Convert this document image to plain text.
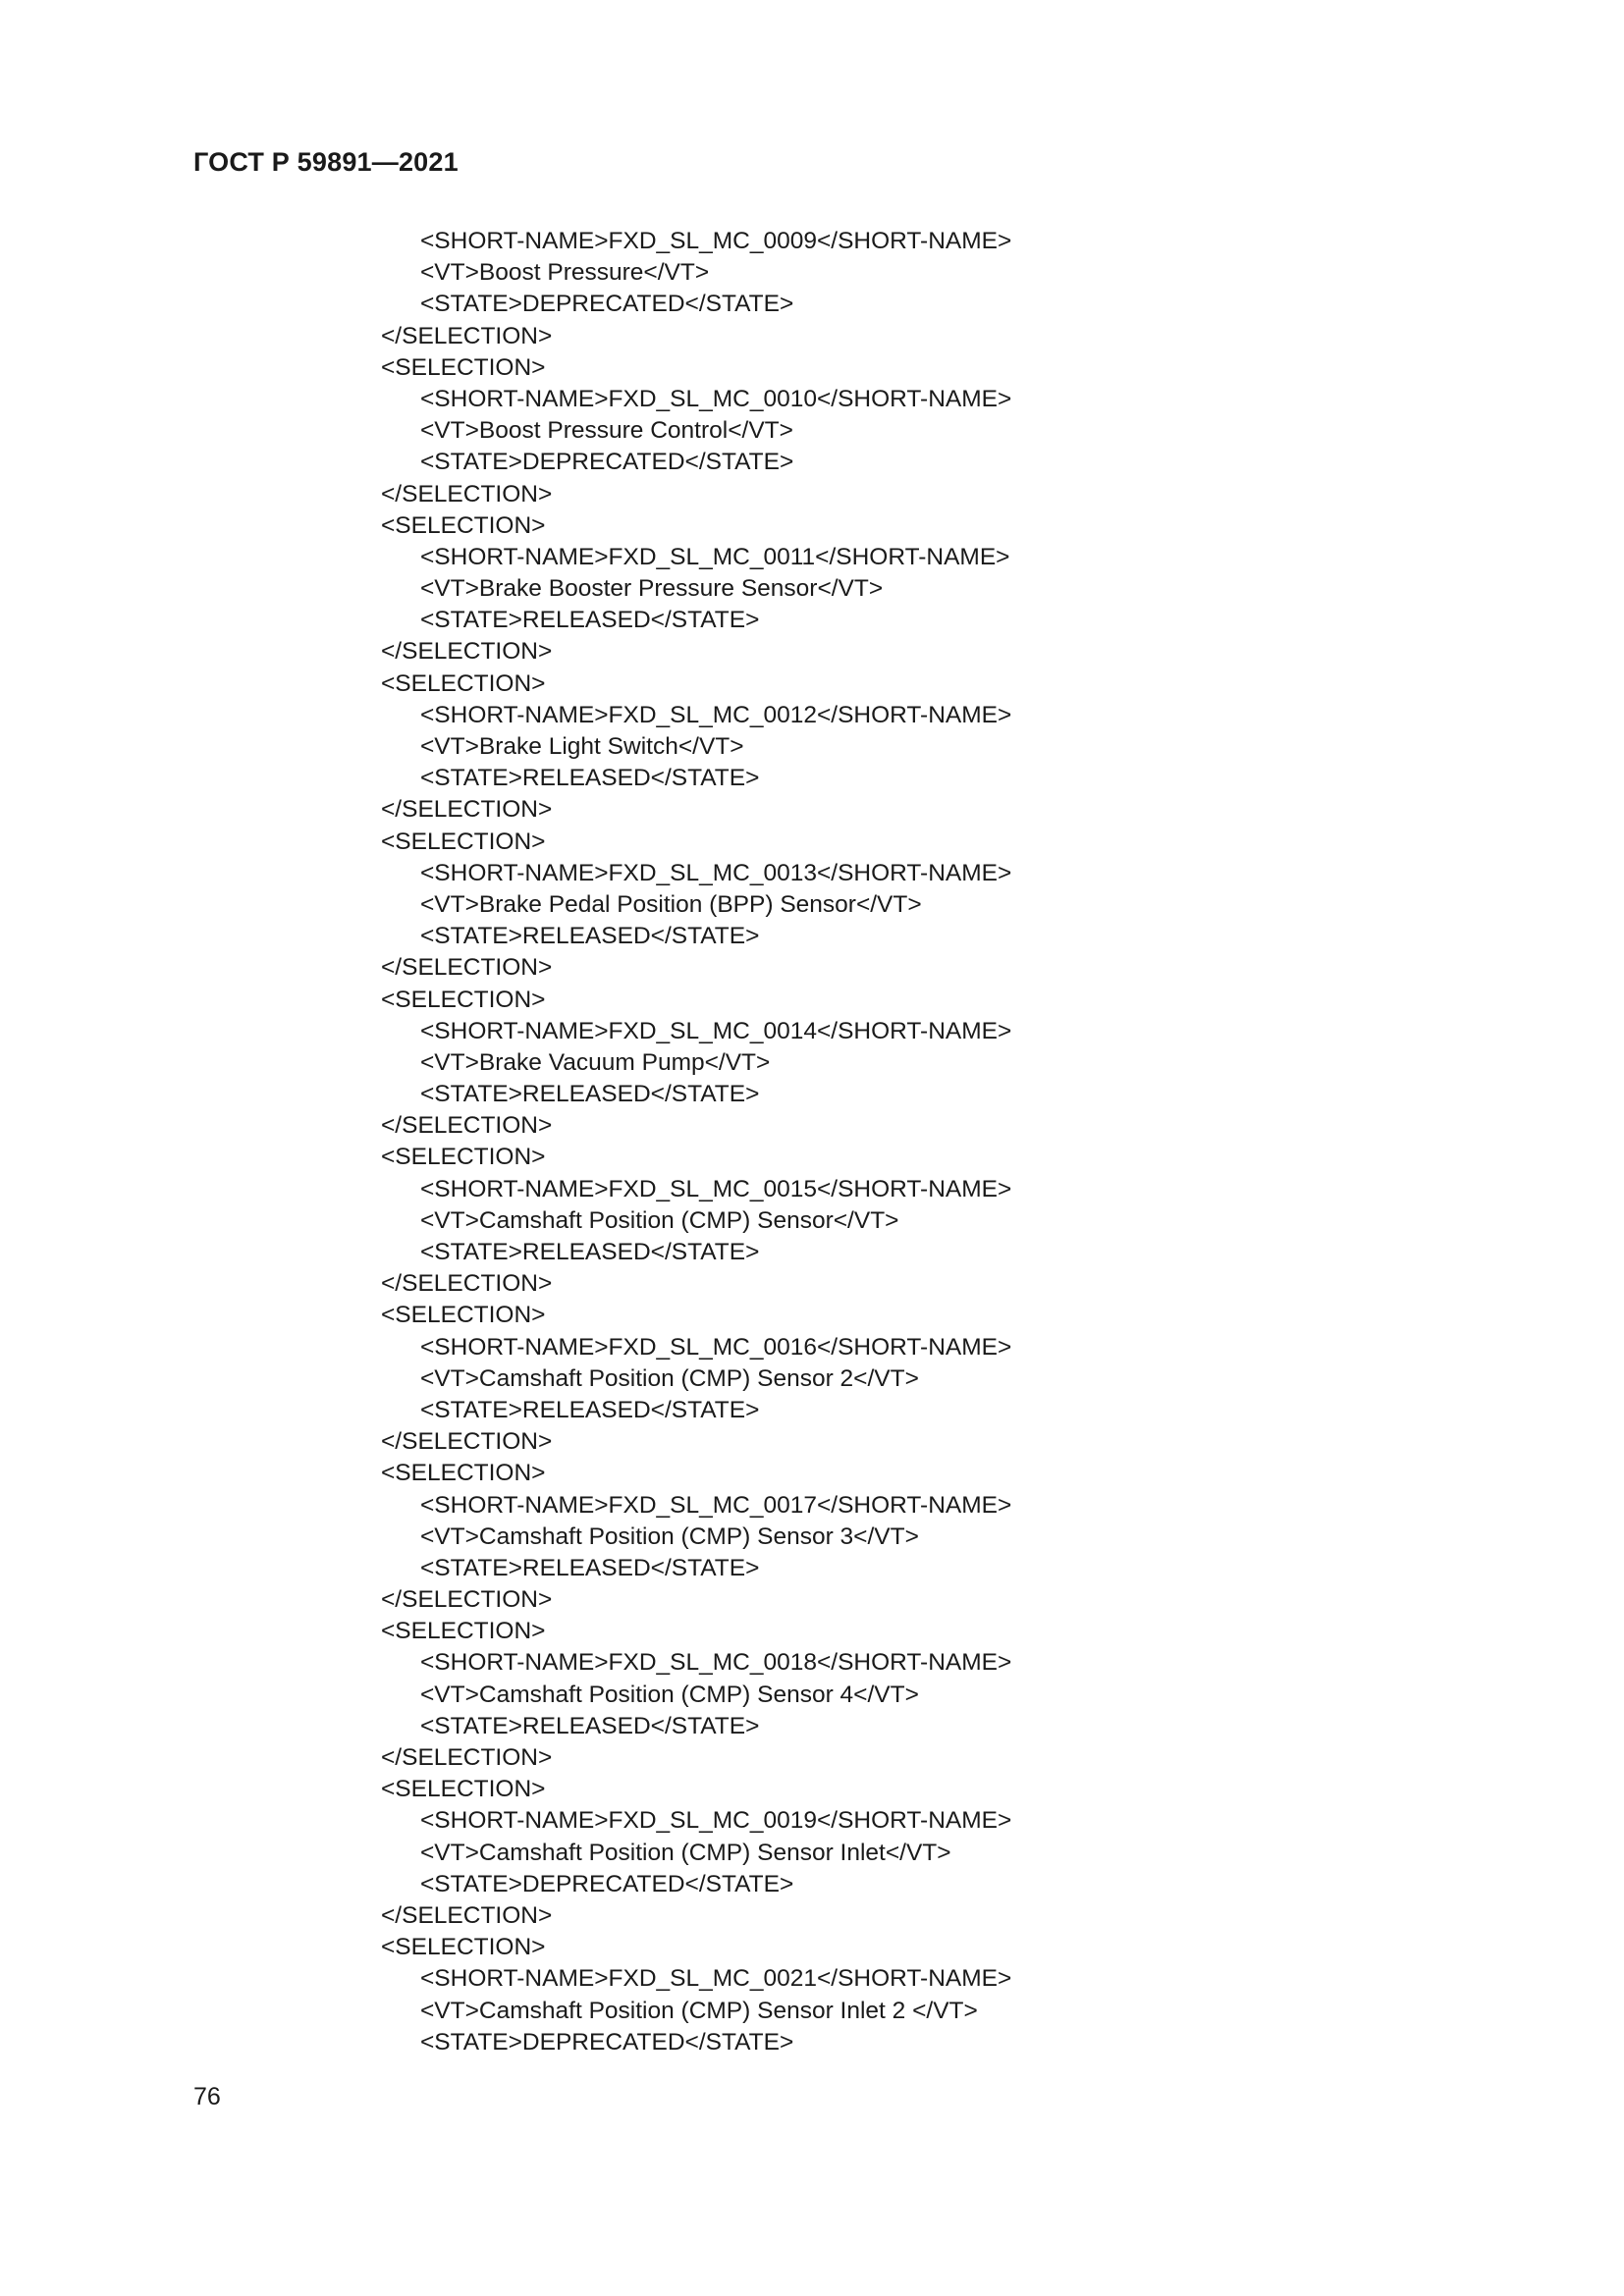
ГОСТ Р 59891—2021
<SHORT-NAME>FXD_SL_MC_0009</SHORT-NAME>
<VT>Boost Pressure</VT>
<STATE>DEPRECATED</STATE>
</SELECTION>
<SELECTION>
<SHORT-NAME>FXD_SL_MC_0010</SHORT-NAME>
<VT>Boost Pressure Control</VT>
<STATE>DEPRECATED</STATE>
</SELECTION>
<SELECTION>
<SHORT-NAME>FXD_SL_MC_0011</SHORT-NAME>
<VT>Brake Booster Pressure Sensor</VT>
<STATE>RELEASED</STATE>
</SELECTION>
<SELECTION>
<SHORT-NAME>FXD_SL_MC_0012</SHORT-NAME>
<VT>Brake Light Switch</VT>
<STATE>RELEASED</STATE>
</SELECTION>
<SELECTION>
<SHORT-NAME>FXD_SL_MC_0013</SHORT-NAME>
<VT>Brake Pedal Position (BPP) Sensor</VT>
<STATE>RELEASED</STATE>
</SELECTION>
<SELECTION>
<SHORT-NAME>FXD_SL_MC_0014</SHORT-NAME>
<VT>Brake Vacuum Pump</VT>
<STATE>RELEASED</STATE>
</SELECTION>
<SELECTION>
<SHORT-NAME>FXD_SL_MC_0015</SHORT-NAME>
<VT>Camshaft Position (CMP) Sensor</VT>
<STATE>RELEASED</STATE>
</SELECTION>
<SELECTION>
<SHORT-NAME>FXD_SL_MC_0016</SHORT-NAME>
<VT>Camshaft Position (CMP) Sensor 2</VT>
<STATE>RELEASED</STATE>
</SELECTION>
<SELECTION>
<SHORT-NAME>FXD_SL_MC_0017</SHORT-NAME>
<VT>Camshaft Position (CMP) Sensor 3</VT>
<STATE>RELEASED</STATE>
</SELECTION>
<SELECTION>
<SHORT-NAME>FXD_SL_MC_0018</SHORT-NAME>
<VT>Camshaft Position (CMP) Sensor 4</VT>
<STATE>RELEASED</STATE>
</SELECTION>
<SELECTION>
<SHORT-NAME>FXD_SL_MC_0019</SHORT-NAME>
<VT>Camshaft Position (CMP) Sensor Inlet</VT>
<STATE>DEPRECATED</STATE>
</SELECTION>
<SELECTION>
<SHORT-NAME>FXD_SL_MC_0021</SHORT-NAME>
<VT>Camshaft Position (CMP) Sensor Inlet 2 </VT>
<STATE>DEPRECATED</STATE>
76
